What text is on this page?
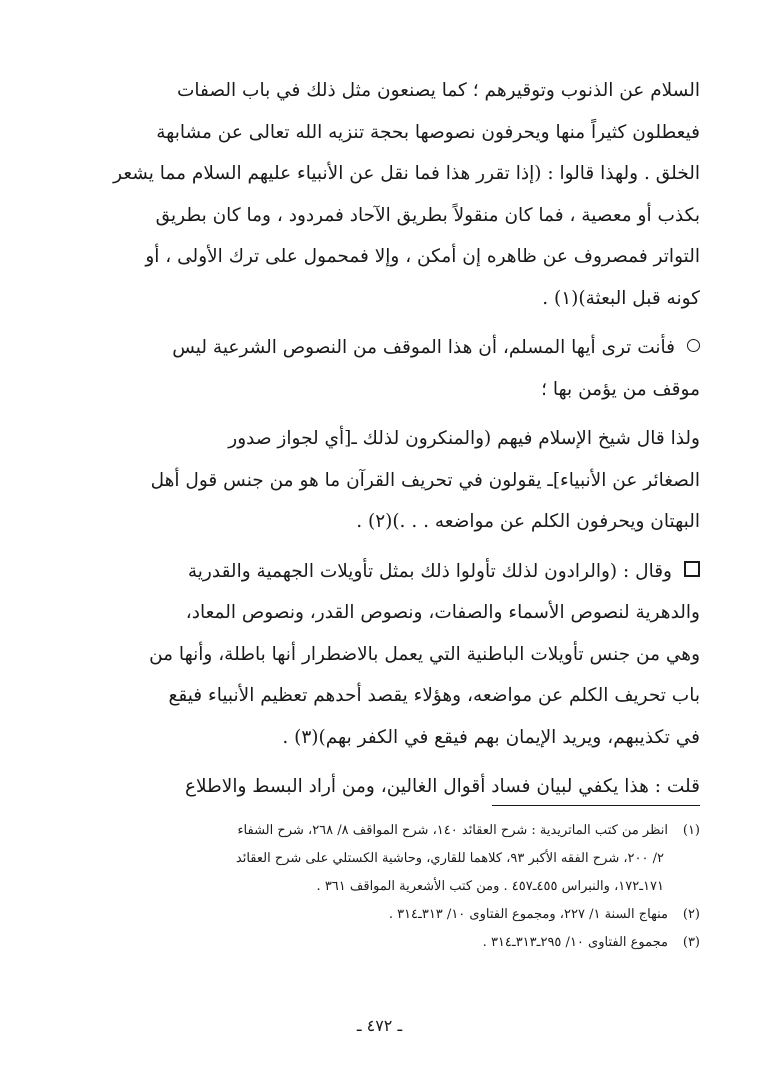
السلام عن الذنوب وتوقيرهم ؛ كما يصنعون مثل ذلك في باب الصفات
فيعطلون كثيراً منها ويحرفون نصوصها بحجة تنزيه الله تعالى عن مشابهة
الخلق . ولهذا قالوا : (إذا تقرر هذا فما نقل عن الأنبياء عليهم السلام مما يشعر
بكذب أو معصية ، فما كان منقولاً بطريق الآحاد فمردود ، وما كان بطريق
التواتر فمصروف عن ظاهره إن أمكن ، وإلا فمحمول على ترك الأولى ، أو
كونه قبل البعثة)(١) .

فأنت ترى أيها المسلم، أن هذا الموقف من النصوص الشرعية ليس
موقف من يؤمن بها ؛

ولذا قال شيخ الإسلام فيهم (والمنكرون لذلك ـ[أي لجواز صدور
الصغائر عن الأنبياء]ـ يقولون في تحريف القرآن ما هو من جنس قول أهل
البهتان ويحرفون الكلم عن مواضعه . . .)(٢) .

وقال : (والرادون لذلك تأولوا ذلك بمثل تأويلات الجهمية والقدرية
والدهرية لنصوص الأسماء والصفات، ونصوص القدر، ونصوص المعاد،
وهي من جنس تأويلات الباطنية التي يعمل بالاضطرار أنها باطلة، وأنها من
باب تحريف الكلم عن مواضعه، وهؤلاء يقصد أحدهم تعظيم الأنبياء فيقع
في تكذيبهم، ويريد الإيمان بهم فيقع في الكفر بهم)(٣) .

قلت : هذا يكفي لبيان فساد أقوال الغالين، ومن أراد البسط والاطلاع

(١)انظر من كتب الماتريدية : شرح العقائد ١٤٠، شرح المواقف ٨/ ٢٦٨، شرح الشفاء

٢/ ٢٠٠، شرح الفقه الأكبر ٩٣، كلاهما للقاري، وحاشية الكستلي على شرح العقائد
١٧١ـ١٧٢، والنبراس ٤٥٥ـ٤٥٧ . ومن كتب الأشعرية المواقف ٣٦١ .

(٢)منهاج السنة ١/ ٢٢٧، ومجموع الفتاوى ١٠/ ٣١٣ـ٣١٤ .

(٣)مجموع الفتاوى ١٠/ ٢٩٥ـ٣١٣ـ٣١٤ .

ـ ٤٧٢ ـ
